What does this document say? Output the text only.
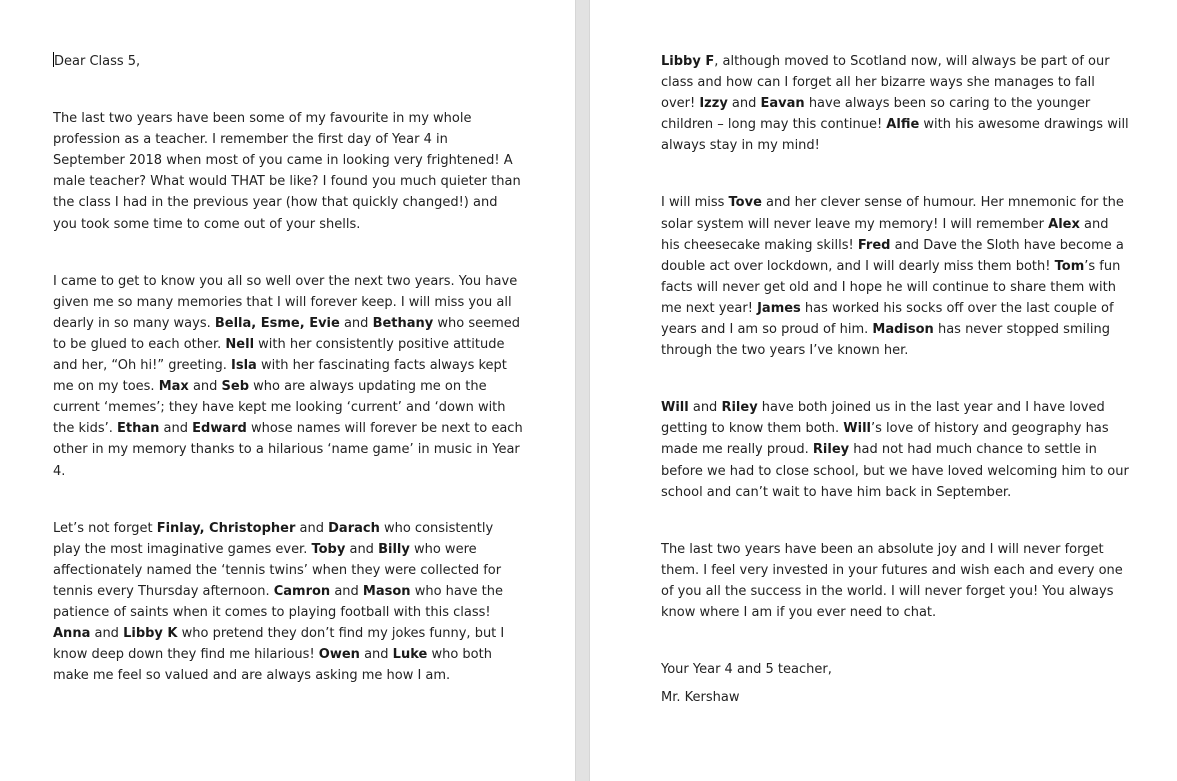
Dear Class 5,

The last two years have been some of my favourite in my whole profession as a teacher. I remember the first day of Year 4 in September 2018 when most of you came in looking very frightened! A male teacher? What would THAT be like? I found you much quieter than the class I had in the previous year (how that quickly changed!) and you took some time to come out of your shells.

I came to get to know you all so well over the next two years. You have given me so many memories that I will forever keep. I will miss you all dearly in so many ways. Bella, Esme, Evie and Bethany who seemed to be glued to each other. Nell with her consistently positive attitude and her, “Oh hi!” greeting. Isla with her fascinating facts always kept me on my toes. Max and Seb who are always updating me on the current ‘memes’; they have kept me looking ‘current’ and ‘down with the kids’. Ethan and Edward whose names will forever be next to each other in my memory thanks to a hilarious ‘name game’ in music in Year 4.

Let’s not forget Finlay, Christopher and Darach who consistently play the most imaginative games ever. Toby and Billy who were affectionately named the ‘tennis twins’ when they were collected for tennis every Thursday afternoon. Camron and Mason who have the patience of saints when it comes to playing football with this class! Anna and Libby K who pretend they don’t find my jokes funny, but I know deep down they find me hilarious! Owen and Luke who both make me feel so valued and are always asking me how I am.

Libby F, although moved to Scotland now, will always be part of our class and how can I forget all her bizarre ways she manages to fall over! Izzy and Eavan have always been so caring to the younger children – long may this continue! Alfie with his awesome drawings will always stay in my mind!

I will miss Tove and her clever sense of humour. Her mnemonic for the solar system will never leave my memory! I will remember Alex and his cheesecake making skills! Fred and Dave the Sloth have become a double act over lockdown, and I will dearly miss them both! Tom’s fun facts will never get old and I hope he will continue to share them with me next year! James has worked his socks off over the last couple of years and I am so proud of him. Madison has never stopped smiling through the two years I’ve known her.

Will and Riley have both joined us in the last year and I have loved getting to know them both. Will’s love of history and geography has made me really proud. Riley had not had much chance to settle in before we had to close school, but we have loved welcoming him to our school and can’t wait to have him back in September.

The last two years have been an absolute joy and I will never forget them. I feel very invested in your futures and wish each and every one of you all the success in the world. I will never forget you! You always know where I am if you ever need to chat.

Your Year 4 and 5 teacher,

Mr. Kershaw
